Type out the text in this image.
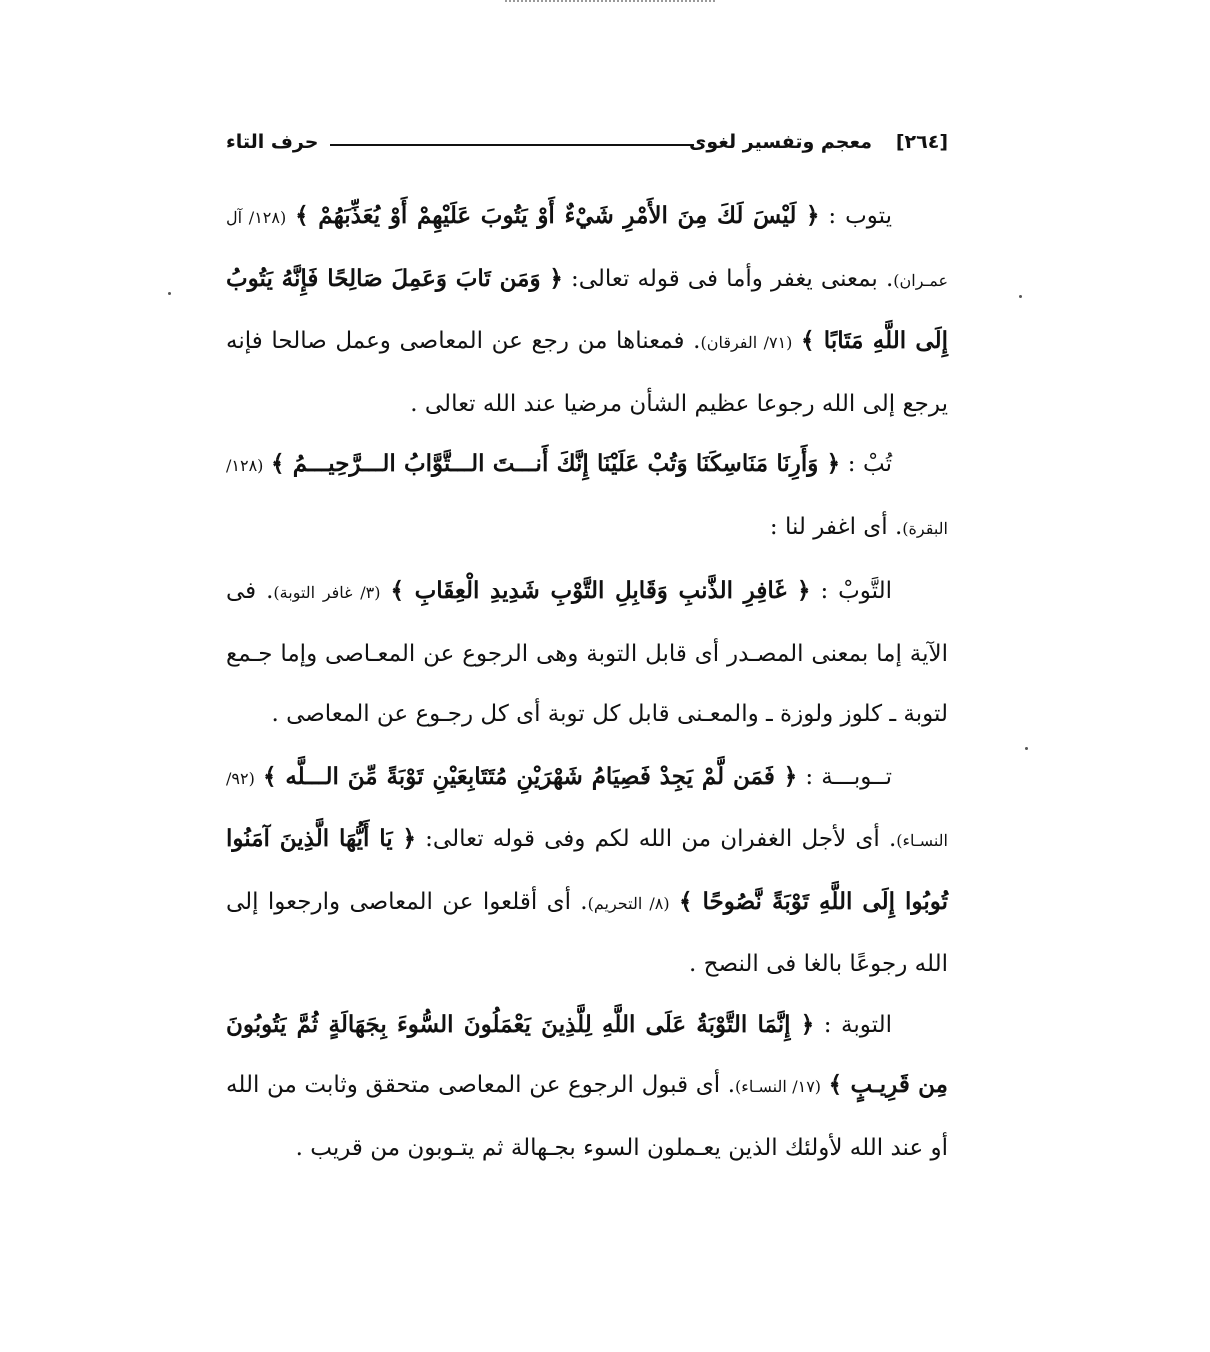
[٢٦٤]
معجم وتفسير لغوى
حرف التاء

يتوب : ﴿ لَيْسَ لَكَ مِنَ الأَمْرِ شَيْءٌ أَوْ يَتُوبَ عَلَيْهِمْ أَوْ يُعَذِّبَهُمْ ﴾ (١٢٨/ آل عمـران). بمعنى يغفر وأما فى قوله تعالى: ﴿ وَمَن تَابَ وَعَمِلَ صَالِحًا فَإِنَّهُ يَتُوبُ إِلَى اللَّهِ مَتَابًا ﴾ (٧١/ الفرقان). فمعناها من رجع عن المعاصى وعمل صالحا فإنه يرجع إلى الله رجوعا عظيم الشأن مرضيا عند الله تعالى .

تُبْ : ﴿ وَأَرِنَا مَنَاسِكَنَا وَتُبْ عَلَيْنَا إِنَّكَ أَنـــتَ الـــتَّوَّابُ الـــرَّحِيـــمُ ﴾ (١٢٨/ البقرة). أى اغفر لنا :

التَّوبْ : ﴿ غَافِرِ الذَّنبِ وَقَابِلِ التَّوْبِ شَدِيدِ الْعِقَابِ ﴾ (٣/ غافر التوبة). فى الآية إما بمعنى المصـدر أى قابل التوبة وهى الرجوع عن المعـاصى وإما جـمع لتوبة ـ كلوز ولوزة ـ والمعـنى قابل كل توبة أى كل رجـوع عن المعاصى .

تــوبـــة : ﴿ فَمَن لَّمْ يَجِدْ فَصِيَامُ شَهْرَيْنِ مُتَتَابِعَيْنِ تَوْبَةً مِّنَ الـــلَّه ﴾ (٩٢/ النسـاء). أى لأجل الغفران من الله لكم وفى قوله تعالى: ﴿ يَا أَيُّهَا الَّذِينَ آمَنُوا تُوبُوا إِلَى اللَّهِ تَوْبَةً نَّصُوحًا ﴾ (٨/ التحريم). أى أقلعوا عن المعاصى وارجعوا إلى الله رجوعًا بالغا فى النصح .

التوبة : ﴿ إِنَّمَا التَّوْبَةُ عَلَى اللَّهِ لِلَّذِينَ يَعْمَلُونَ السُّوءَ بِجَهَالَةٍ ثُمَّ يَتُوبُونَ مِن قَرِيـبٍ ﴾ (١٧/ النسـاء). أى قبول الرجوع عن المعاصى متحقق وثابت من الله أو عند الله لأولئك الذين يعـملون السوء بجـهالة ثم يتـوبون من قريب .
